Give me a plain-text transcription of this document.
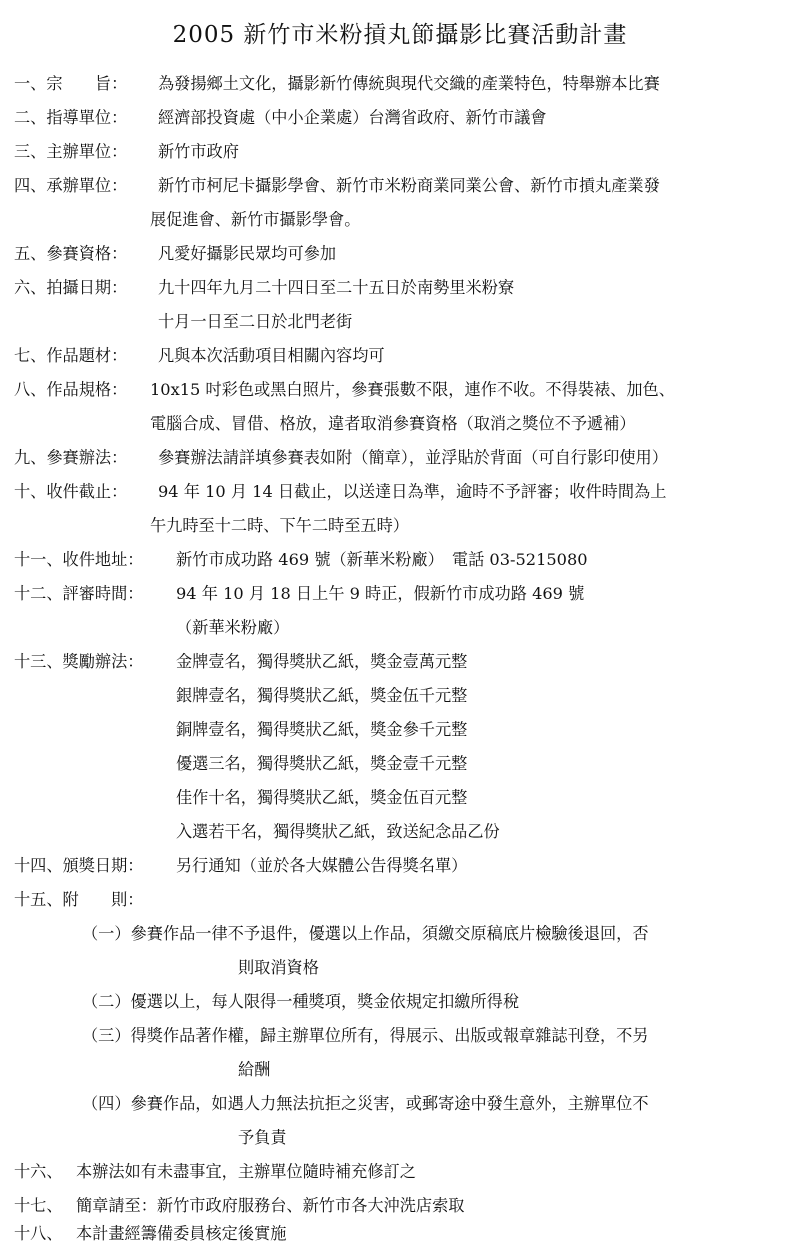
2005 新竹市米粉摃丸節攝影比賽活動計畫
一、宗　　旨： 為發揚鄉土文化，攝影新竹傳統與現代交織的產業特色，特舉辦本比賽
二、指導單位： 經濟部投資處（中小企業處）台灣省政府、新竹市議會
三、主辦單位： 新竹市政府
四、承辦單位： 新竹市柯尼卡攝影學會、新竹市米粉商業同業公會、新竹市摃丸產業發
展促進會、新竹市攝影學會。
五、參賽資格： 凡愛好攝影民眾均可參加
六、拍攝日期： 九十四年九月二十四日至二十五日於南勢里米粉寮
十月一日至二日於北門老街
七、作品題材： 凡與本次活動項目相關內容均可
八、作品規格： 10x15 吋彩色或黑白照片，參賽張數不限，連作不收。不得裝裱、加色、
電腦合成、冒借、格放，違者取消參賽資格（取消之獎位不予遞補）
九、參賽辦法： 參賽辦法請詳填參賽表如附（簡章），並浮貼於背面（可自行影印使用）
十、收件截止： 94 年 10 月 14 日截止，以送達日為準，逾時不予評審；收件時間為上
午九時至十二時、下午二時至五時）
十一、收件地址： 新竹市成功路 469 號（新華米粉廠）　電話 03-5215080
十二、評審時間： 94 年 10 月 18 日上午 9 時正，假新竹市成功路 469 號
（新華米粉廠）
十三、獎勵辦法： 金牌壹名，獨得獎狀乙紙，獎金壹萬元整
銀牌壹名，獨得獎狀乙紙，獎金伍千元整
銅牌壹名，獨得獎狀乙紙，獎金參千元整
優選三名，獨得獎狀乙紙，獎金壹千元整
佳作十名，獨得獎狀乙紙，獎金伍百元整
入選若干名，獨得獎狀乙紙，致送紀念品乙份
十四、頒獎日期： 另行通知（並於各大媒體公告得獎名單）
十五、附　　則：
（一）參賽作品一律不予退件，優選以上作品，須繳交原稿底片檢驗後退回，否
則取消資格
（二）優選以上，每人限得一種獎項，獎金依規定扣繳所得稅
（三）得獎作品著作權，歸主辦單位所有，得展示、出版或報章雜誌刊登，不另
給酬
（四）參賽作品，如遇人力無法抗拒之災害，或郵寄途中發生意外，主辦單位不
予負責
十六、 本辦法如有未盡事宜，主辦單位隨時補充修訂之
十七、 簡章請至：新竹市政府服務台、新竹市各大沖洗店索取
十八、 本計畫經籌備委員核定後實施
